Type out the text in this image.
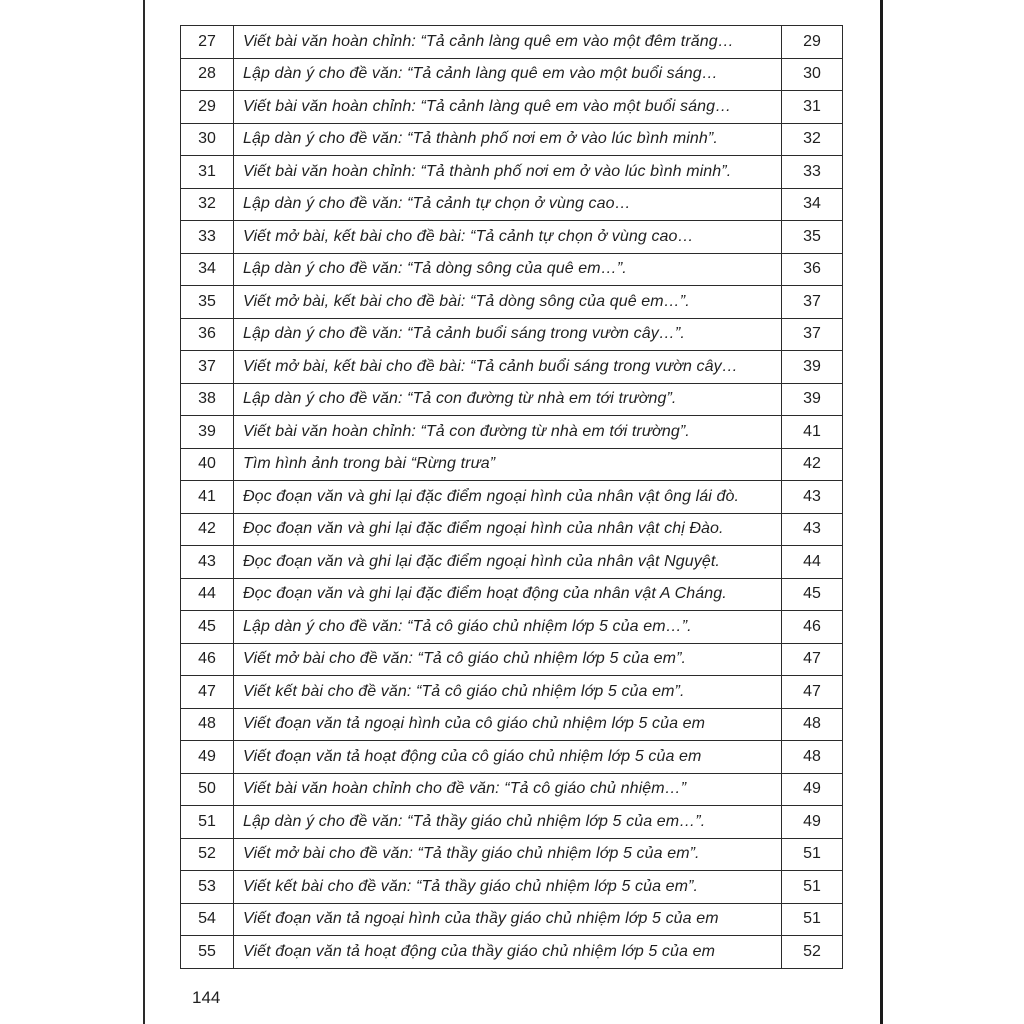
27	Viết bài văn hoàn chỉnh: “Tả cảnh làng quê em vào một đêm trăng…	29
28	Lập dàn ý cho đề văn: “Tả cảnh làng quê em vào một buổi sáng…	30
29	Viết bài văn hoàn chỉnh: “Tả cảnh làng quê em vào một buổi sáng…	31
30	Lập dàn ý cho đề văn: “Tả thành phố nơi em ở vào lúc bình minh”.	32
31	Viết bài văn hoàn chỉnh: “Tả thành phố nơi em ở vào lúc bình minh”.	33
32	Lập dàn ý cho đề văn: “Tả cảnh tự chọn ở vùng cao…	34
33	Viết mở bài, kết bài cho đề bài: “Tả cảnh tự chọn ở vùng cao…	35
34	Lập dàn ý cho đề văn: “Tả dòng sông của quê em…”.	36
35	Viết mở bài, kết bài cho đề bài: “Tả dòng sông của quê em…”.	37
36	Lập dàn ý cho đề văn: “Tả cảnh buổi sáng trong vườn cây…”.	37
37	Viết mở bài, kết bài cho đề bài: “Tả cảnh buổi sáng trong vườn cây…	39
38	Lập dàn ý cho đề văn: “Tả con đường từ nhà em tới trường”.	39
39	Viết bài văn hoàn chỉnh: “Tả con đường từ nhà em tới trường”.	41
40	Tìm hình ảnh trong bài “Rừng trưa”	42
41	Đọc đoạn văn và ghi lại đặc điểm ngoại hình của nhân vật ông lái đò.	43
42	Đọc đoạn văn và ghi lại đặc điểm ngoại hình của nhân vật chị Đào.	43
43	Đọc đoạn văn và ghi lại đặc điểm ngoại hình của nhân vật Nguyệt.	44
44	Đọc đoạn văn và ghi lại đặc điểm hoạt động của nhân vật A Cháng.	45
45	Lập dàn ý cho đề văn: “Tả cô giáo chủ nhiệm lớp 5 của em…”.	46
46	Viết mở bài cho đề văn: “Tả cô giáo chủ nhiệm lớp 5 của em”.	47
47	Viết kết bài cho đề văn: “Tả cô giáo chủ nhiệm lớp 5 của em”.	47
48	Viết đoạn văn tả ngoại hình của cô giáo chủ nhiệm lớp 5 của em	48
49	Viết đoạn văn tả hoạt động của cô giáo chủ nhiệm lớp 5 của em	48
50	Viết bài văn hoàn chỉnh cho đề văn: “Tả cô giáo chủ nhiệm…”	49
51	Lập dàn ý cho đề văn: “Tả thầy giáo chủ nhiệm lớp 5 của em…”.	49
52	Viết mở bài cho đề văn: “Tả thầy giáo chủ nhiệm lớp 5 của em”.	51
53	Viết kết bài cho đề văn: “Tả thầy giáo chủ nhiệm lớp 5 của em”.	51
54	Viết đoạn văn tả ngoại hình của thầy giáo chủ nhiệm lớp 5 của em	51
55	Viết đoạn văn tả hoạt động của thầy giáo chủ nhiệm lớp 5 của em	52
144
